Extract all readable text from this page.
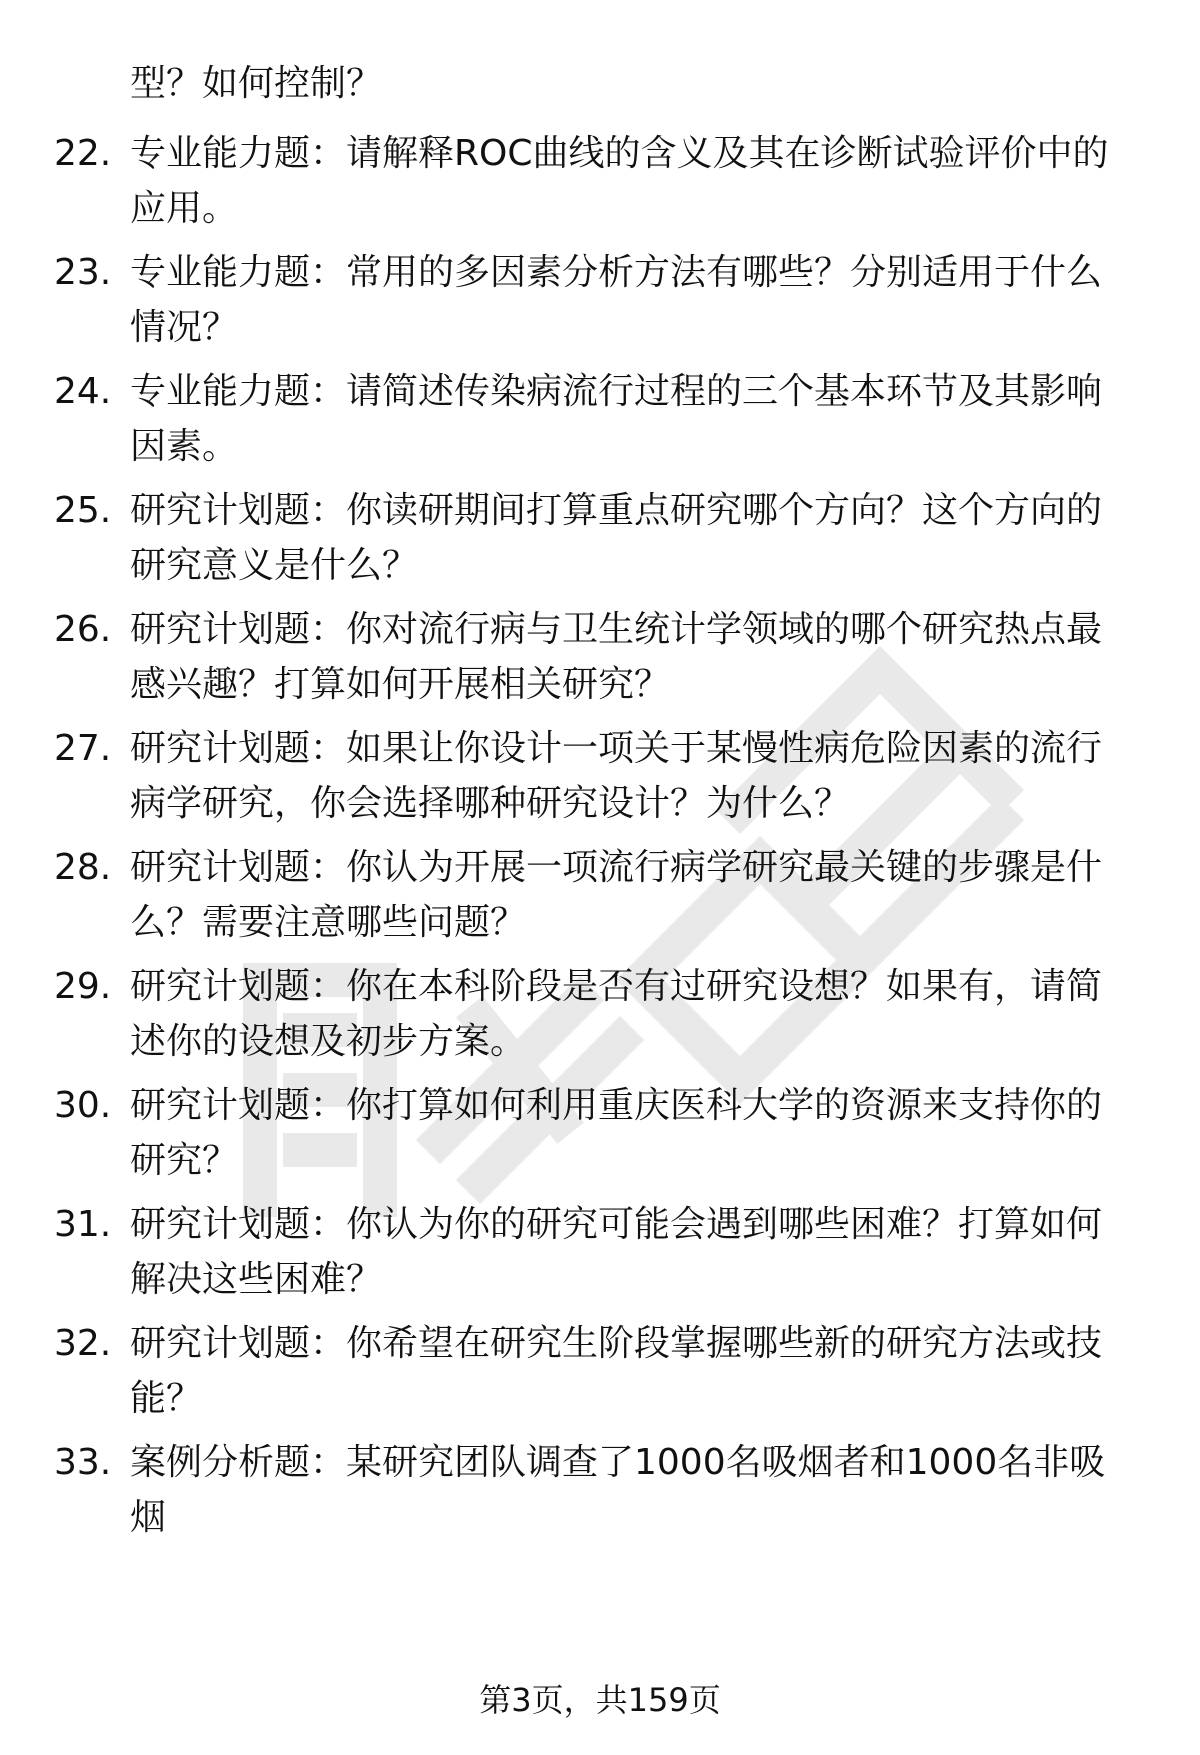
型？如何控制？
22. 专业能力题：请解释ROC曲线的含义及其在诊断试验评价中的应用。
23. 专业能力题：常用的多因素分析方法有哪些？分别适用于什么情况？
24. 专业能力题：请简述传染病流行过程的三个基本环节及其影响因素。
25. 研究计划题：你读研期间打算重点研究哪个方向？这个方向的研究意义是什么？
26. 研究计划题：你对流行病与卫生统计学领域的哪个研究热点最感兴趣？打算如何开展相关研究？
27. 研究计划题：如果让你设计一项关于某慢性病危险因素的流行病学研究，你会选择哪种研究设计？为什么？
28. 研究计划题：你认为开展一项流行病学研究最关键的步骤是什么？需要注意哪些问题？
29. 研究计划题：你在本科阶段是否有过研究设想？如果有，请简述你的设想及初步方案。
30. 研究计划题：你打算如何利用重庆医科大学的资源来支持你的研究？
31. 研究计划题：你认为你的研究可能会遇到哪些困难？打算如何解决这些困难？
32. 研究计划题：你希望在研究生阶段掌握哪些新的研究方法或技能？
33. 案例分析题：某研究团队调查了1000名吸烟者和1000名非吸烟
第3页，共159页
